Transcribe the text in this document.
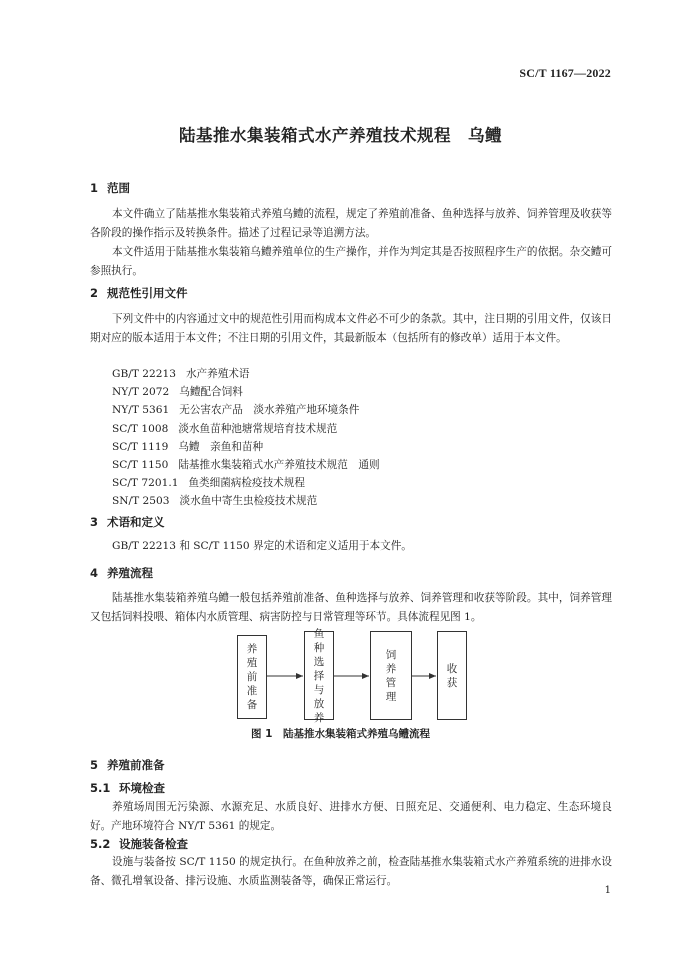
SC/T 1167—2022
陆基推水集装箱式水产养殖技术规程　乌鳢
1 范围
本文件确立了陆基推水集装箱式养殖乌鳢的流程，规定了养殖前准备、鱼种选择与放养、饲养管理及收获等各阶段的操作指示及转换条件。描述了过程记录等追溯方法。
本文件适用于陆基推水集装箱乌鳢养殖单位的生产操作，并作为判定其是否按照程序生产的依据。杂交鳢可参照执行。
2 规范性引用文件
下列文件中的内容通过文中的规范性引用而构成本文件必不可少的条款。其中，注日期的引用文件，仅该日期对应的版本适用于本文件；不注日期的引用文件，其最新版本（包括所有的修改单）适用于本文件。
GB/T 22213 水产养殖术语
NY/T 2072 乌鳢配合饲料
NY/T 5361 无公害农产品　淡水养殖产地环境条件
SC/T 1008 淡水鱼苗种池塘常规培育技术规范
SC/T 1119 乌鳢　亲鱼和苗种
SC/T 1150 陆基推水集装箱式水产养殖技术规范　通则
SC/T 7201.1 鱼类细菌病检疫技术规程
SN/T 2503 淡水鱼中寄生虫检疫技术规范
3 术语和定义
GB/T 22213 和 SC/T 1150 界定的术语和定义适用于本文件。
4 养殖流程
陆基推水集装箱养殖乌鳢一般包括养殖前准备、鱼种选择与放养、饲养管理和收获等阶段。其中，饲养管理又包括饲料投喂、箱体内水质管理、病害防控与日常管理等环节。具体流程见图 1。
养殖前准备
鱼种选择与放养
饲养管理
收获
图 1　陆基推水集装箱式养殖乌鳢流程
5 养殖前准备
5.1 环境检查
养殖场周围无污染源、水源充足、水质良好、进排水方便、日照充足、交通便利、电力稳定、生态环境良好。产地环境符合 NY/T 5361 的规定。
5.2 设施装备检查
设施与装备按 SC/T 1150 的规定执行。在鱼种放养之前，检查陆基推水集装箱式水产养殖系统的进排水设备、微孔增氧设备、排污设施、水质监测装备等，确保正常运行。
1
